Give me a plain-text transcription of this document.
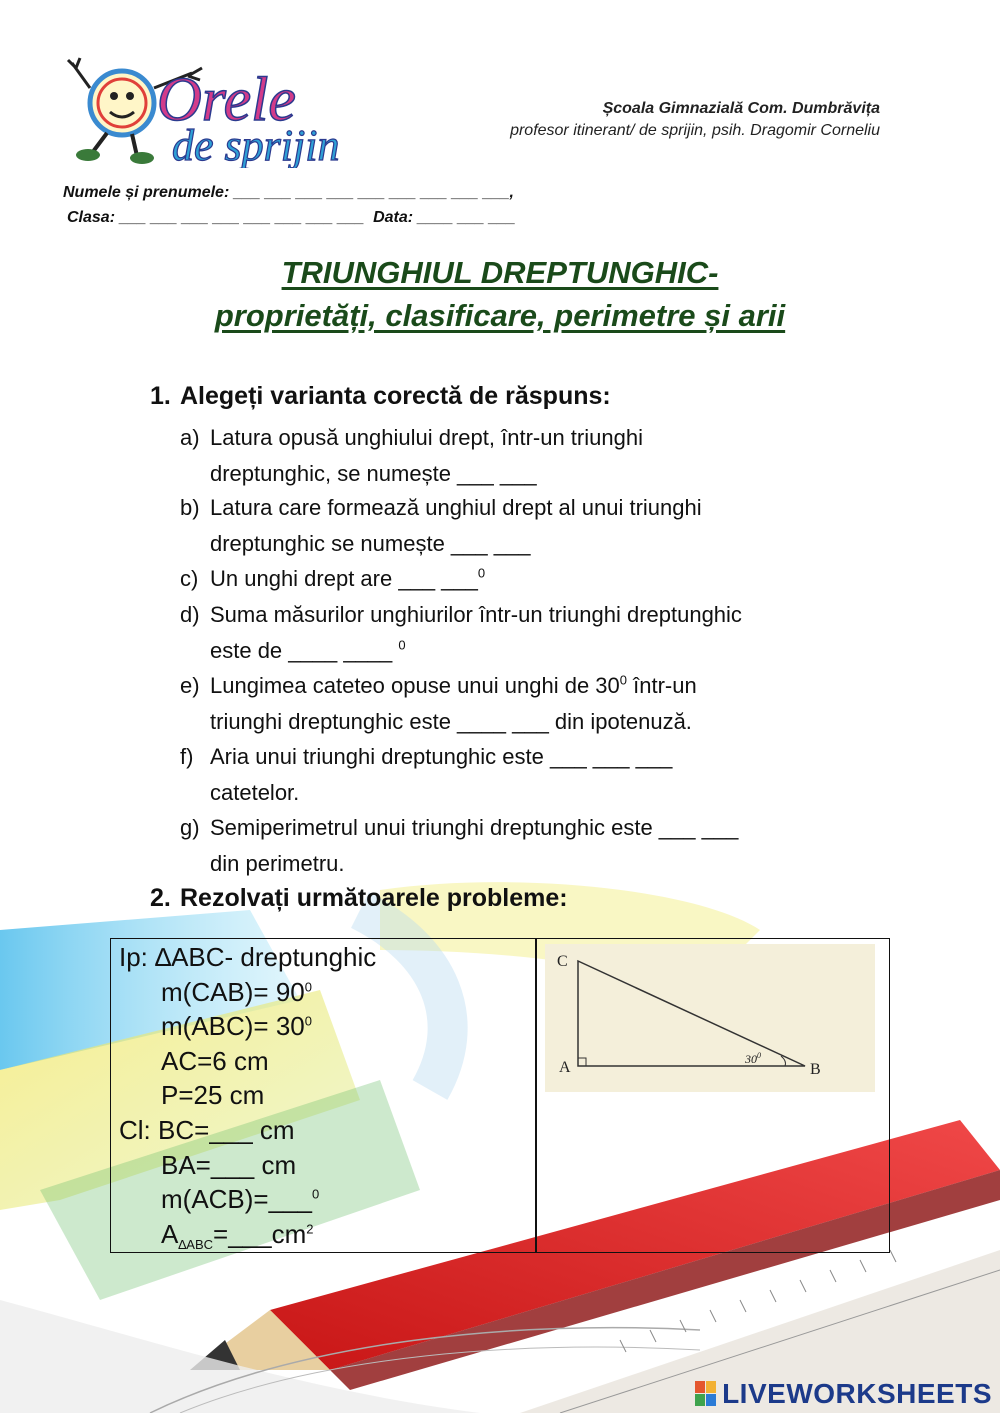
Orele
de sprijin
Școala Gimnazială Com. Dumbrăvița
profesor itinerant/ de sprijin, psih. Dragomir Corneliu
Numele și prenumele: ___ ___ ___ ___ ___ ___ ___ ___ ___,
Clasa: ___ ___ ___ ___ ___ ___ ___ ___ Data: ____ ___ ___
TRIUNGHIUL DREPTUNGHIC-
proprietăți, clasificare, perimetre și arii
1. Alegeți varianta corectă de răspuns:
a) Latura opusă unghiului drept, într-un triunghi
dreptunghic, se numește ___ ___
b) Latura care formează unghiul drept al unui triunghi
dreptunghic se numește ___ ___
c) Un unghi drept are ___ ___$^0$
d) Suma măsurilor unghiurilor într-un triunghi dreptunghic
este de ____ ____ $^0$
e) Lungimea cateteo opuse unui unghi de $30^0$ într-un
triunghi dreptunghic este ____ ___ din ipotenuză.
f) Aria unui triunghi dreptunghic este ___ ___ ___
catetelor.
g) Semiperimetrul unui triunghi dreptunghic este ___ ___
din perimetru.
2. Rezolvați următoarele probleme:
Ip: ∆ABC- dreptunghic
$m(CAB)= 90^0$
$m(ABC)= 30^0$
AC=6 cm
P=25 cm
Cl: BC=___ cm
BA=___ cm
m(ACB)=___$^0$
$A_{\Delta ABC}=\_\_\_cm^2$
C
A	B
$30^0$
LIVEWORKSHEETS
